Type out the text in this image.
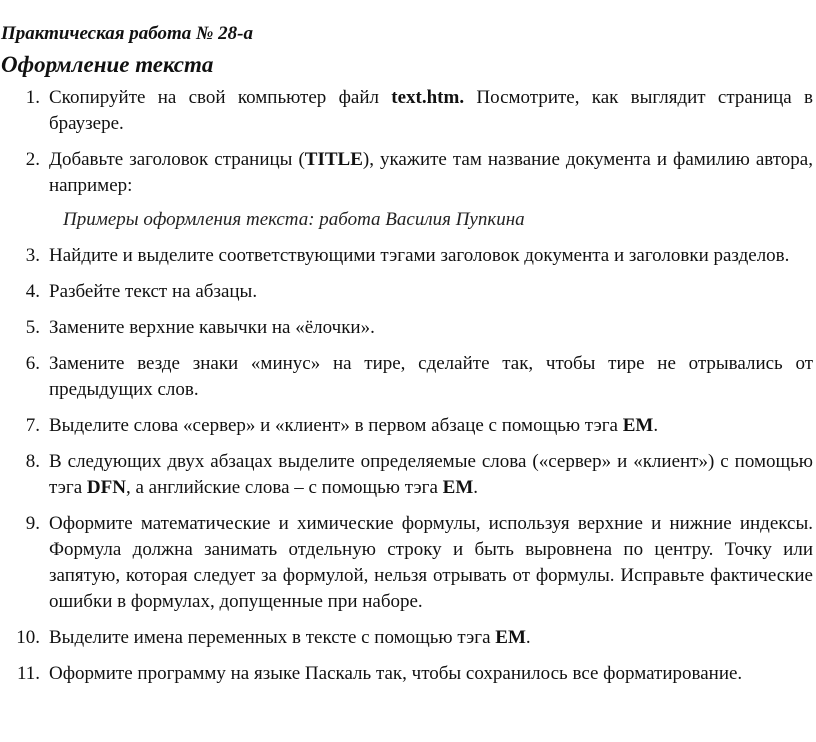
Практическая работа № 28-а
Оформление текста
1. Скопируйте на свой компьютер файл text.htm. Посмотрите, как выглядит страница в браузере.
2. Добавьте заголовок страницы (TITLE), укажите там название документа и фамилию автора, например:
Примеры оформления текста: работа Василия Пупкина
3. Найдите и выделите соответствующими тэгами заголовок документа и заголовки разделов.
4. Разбейте текст на абзацы.
5. Замените верхние кавычки на «ёлочки».
6. Замените везде знаки «минус» на тире, сделайте так, чтобы тире не отрывались от предыдущих слов.
7. Выделите слова «сервер» и «клиент» в первом абзаце с помощью тэга EM.
8. В следующих двух абзацах выделите определяемые слова («сервер» и «клиент») с помощью тэга DFN, а английские слова – с помощью тэга EM.
9. Оформите математические и химические формулы, используя верхние и нижние индексы. Формула должна занимать отдельную строку и быть выровнена по центру. Точку или запятую, которая следует за формулой, нельзя отрывать от формулы. Исправьте фактические ошибки в формулах, допущенные при наборе.
10. Выделите имена переменных в тексте с помощью тэга EM.
11. Оформите программу на языке Паскаль так, чтобы сохранилось все форматирование.
